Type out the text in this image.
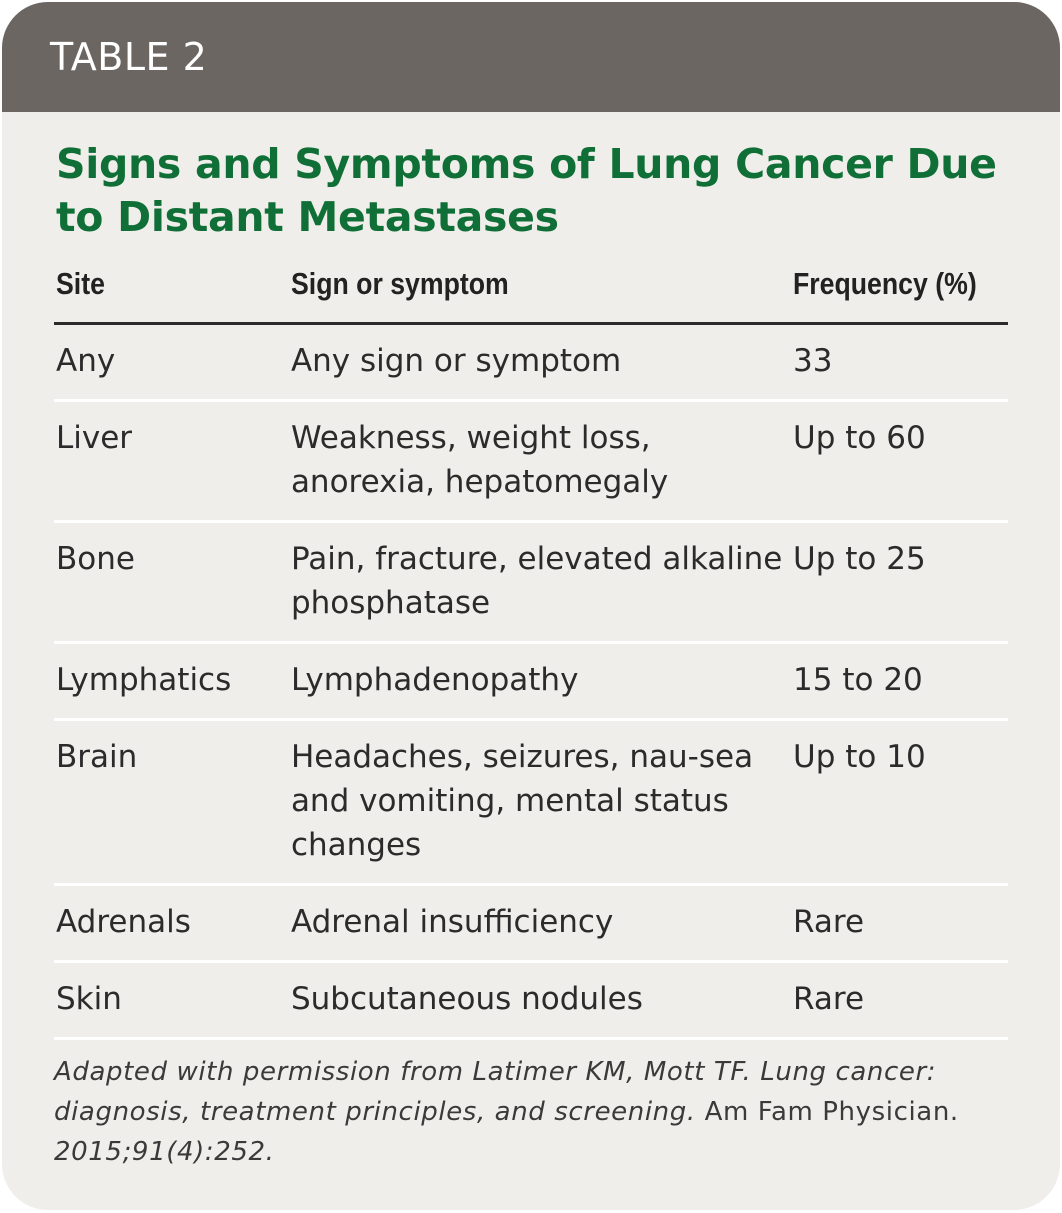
TABLE 2
Signs and Symptoms of Lung Cancer Due to Distant Metastases
Site	Sign or symptom	Frequency (%)
Any	Any sign or symptom	33
Liver	Weakness, weight loss, anorexia, hepatomegaly	Up to 60
Bone	Pain, fracture, elevated alkaline phosphatase	Up to 25
Lymphatics	Lymphadenopathy	15 to 20
Brain	Headaches, seizures, nau-sea and vomiting, mental status changes	Up to 10
Adrenals	Adrenal insufficiency	Rare
Skin	Subcutaneous nodules	Rare
Adapted with permission from Latimer KM, Mott TF. Lung cancer: diagnosis, treatment principles, and screening. Am Fam Physician. 2015;91(4):252.
